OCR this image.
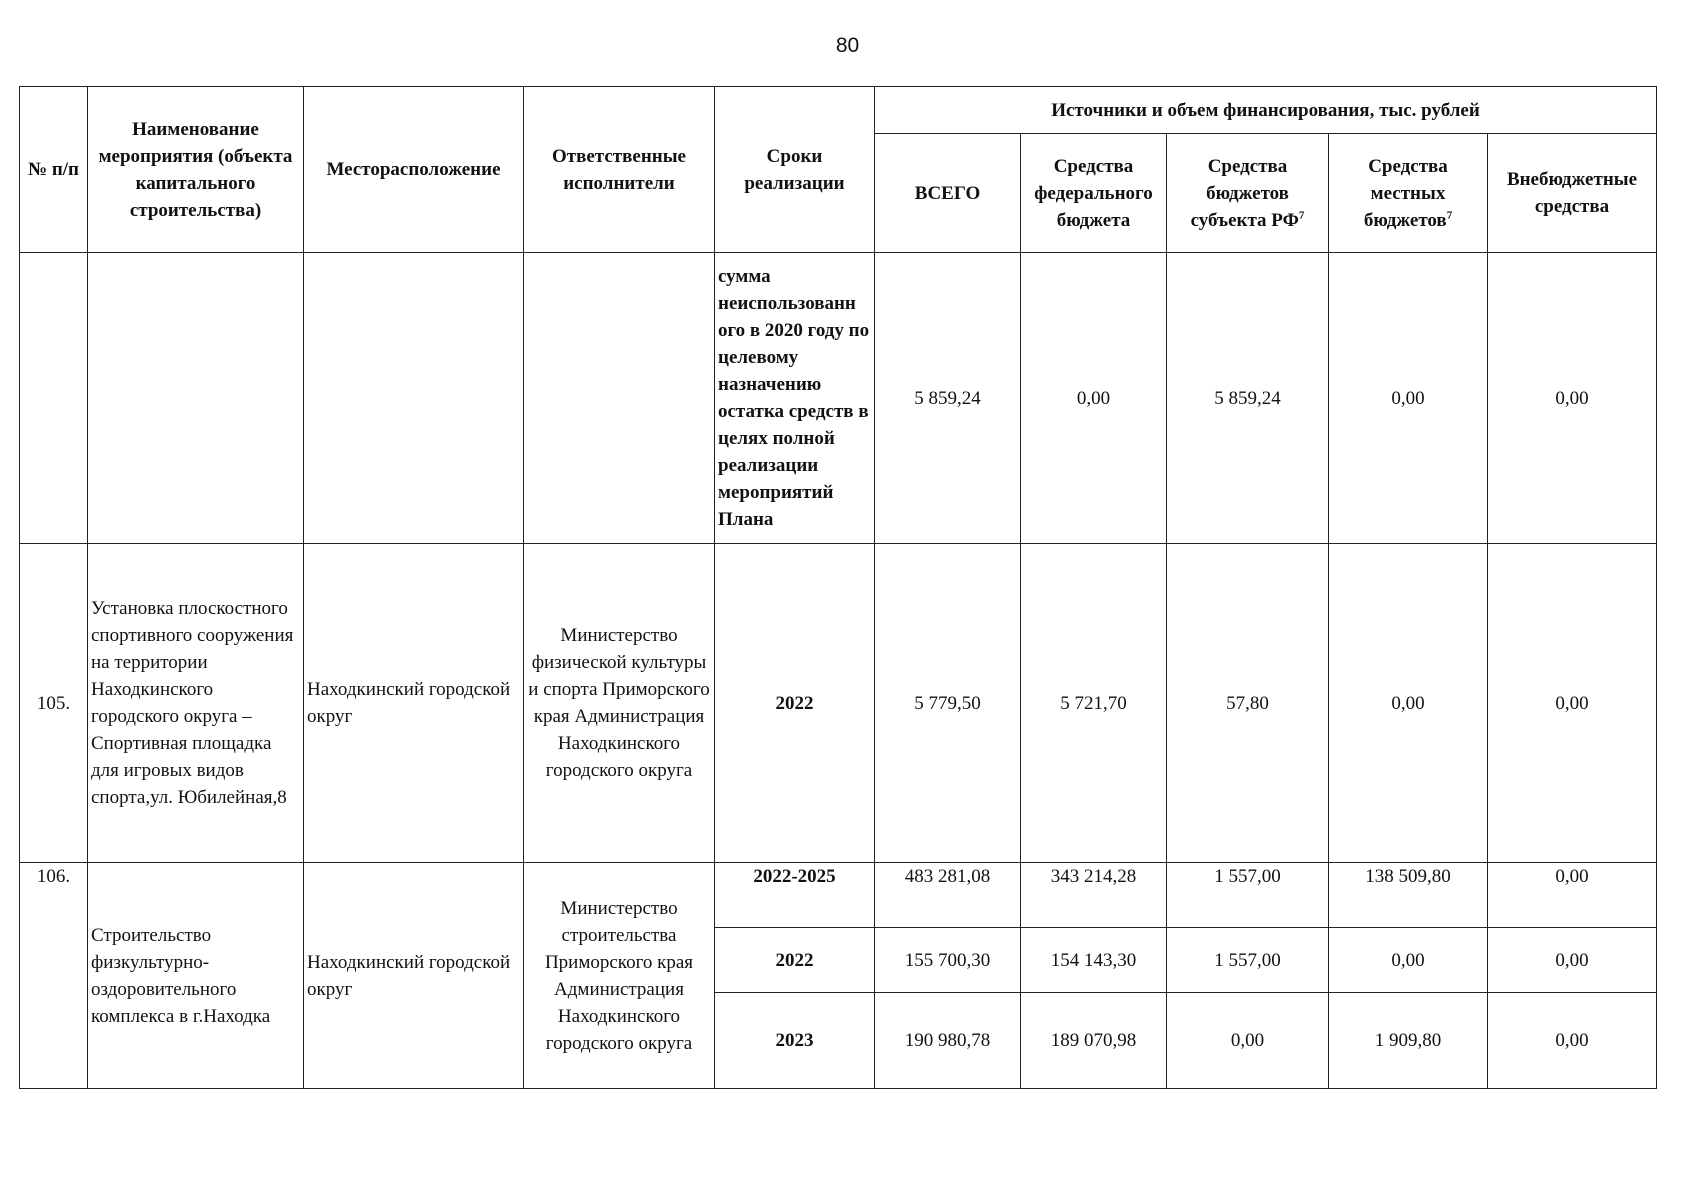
80
№ п/п	Наименование мероприятия (объекта капитального строительства)	Месторасположение	Ответственные исполнители	Сроки реализации	Источники и объем финансирования, тыс. рублей				
					ВСЕГО	Средства федерального бюджета	Средства бюджетов субъекта $РФ^7$	Средства местных бюджетов$^7$	Внебюджетные средства
				сумма неиспользованн ого в 2020 году по целевому назначению остатка средств в целях полной реализации мероприятий Плана	5 859,24	0,00	5 859,24	0,00	0,00
105.	Установка плоскостного спортивного сооружения на территории Находкинского городского округа – Спортивная площадка для игровых видов спорта,ул. Юбилейная,8	Находкинский городской округ	Министерство физической культуры и спорта Приморского края Администрация Находкинского городского округа	2022	5 779,50	5 721,70	57,80	0,00	0,00
106.	Строительство физкультурно-оздоровительного комплекса в г.Находка	Находкинский городской округ	Министерство строительства Приморского края Администрация Находкинского городского округа	2022-2025	483 281,08	343 214,28	1 557,00	138 509,80	0,00
				2022	155 700,30	154 143,30	1 557,00	0,00	0,00
				2023	190 980,78	189 070,98	0,00	1 909,80	0,00
